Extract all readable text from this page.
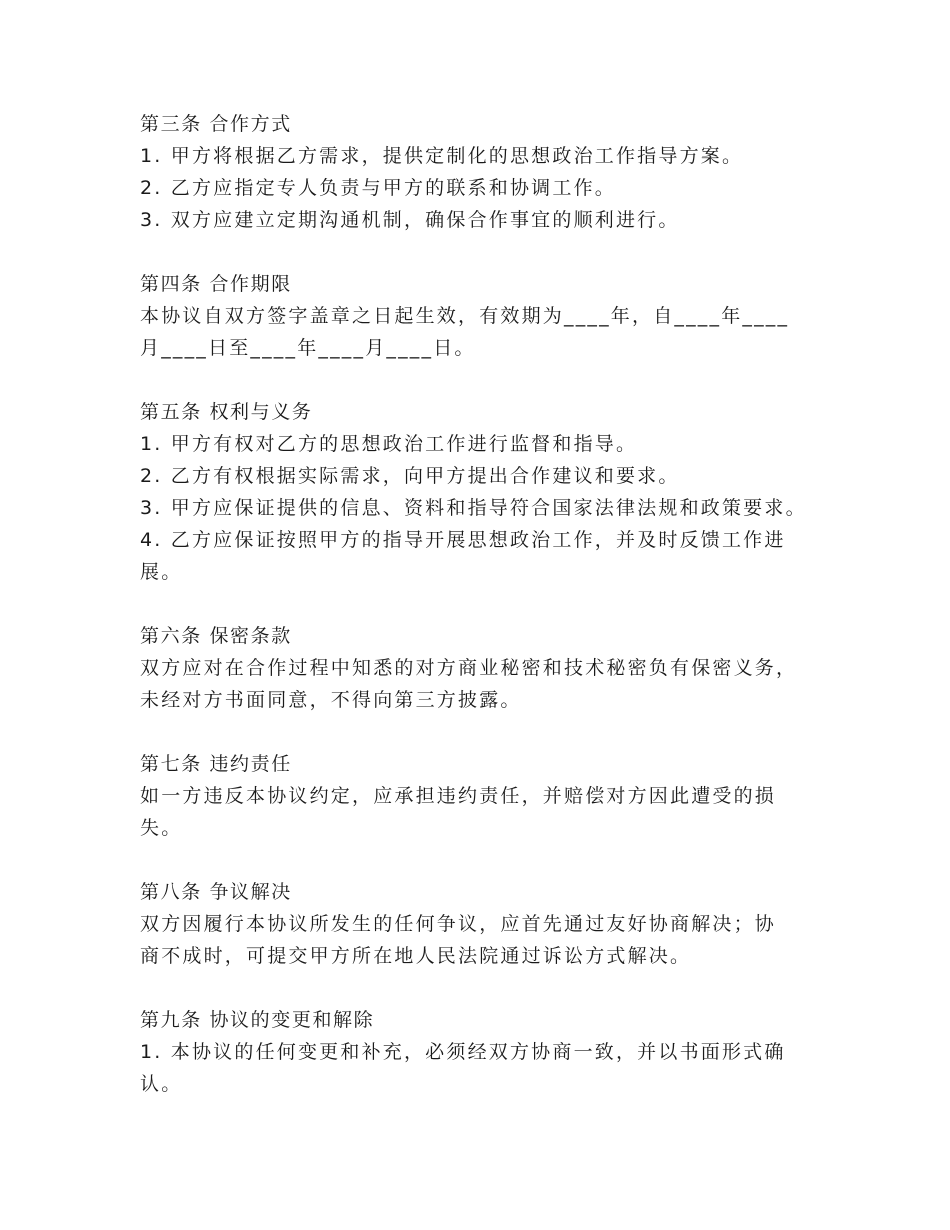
第三条 合作方式
1. 甲方将根据乙方需求，提供定制化的思想政治工作指导方案。
2. 乙方应指定专人负责与甲方的联系和协调工作。
3. 双方应建立定期沟通机制，确保合作事宜的顺利进行。
第四条 合作期限
本协议自双方签字盖章之日起生效，有效期为____年，自____年____
月____日至____年____月____日。
第五条 权利与义务
1. 甲方有权对乙方的思想政治工作进行监督和指导。
2. 乙方有权根据实际需求，向甲方提出合作建议和要求。
3. 甲方应保证提供的信息、资料和指导符合国家法律法规和政策要求。
4. 乙方应保证按照甲方的指导开展思想政治工作，并及时反馈工作进
展。
第六条 保密条款
双方应对在合作过程中知悉的对方商业秘密和技术秘密负有保密义务，
未经对方书面同意，不得向第三方披露。
第七条 违约责任
如一方违反本协议约定，应承担违约责任，并赔偿对方因此遭受的损
失。
第八条 争议解决
双方因履行本协议所发生的任何争议，应首先通过友好协商解决；协
商不成时，可提交甲方所在地人民法院通过诉讼方式解决。
第九条 协议的变更和解除
1. 本协议的任何变更和补充，必须经双方协商一致，并以书面形式确
认。
